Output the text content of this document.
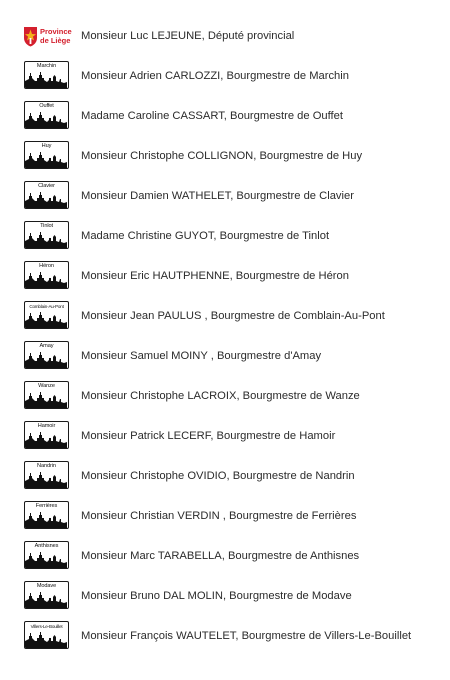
Province
de Liège Monsieur Luc LEJEUNE, Député provincial
Marchin
Monsieur Adrien CARLOZZI, Bourgmestre de Marchin
Ouffet
Madame Caroline CASSART, Bourgmestre de Ouffet
Huy
Monsieur Christophe COLLIGNON, Bourgmestre de Huy
Clavier
Monsieur Damien WATHELET, Bourgmestre de Clavier
Tinlot
Madame Christine GUYOT, Bourgmestre de Tinlot
Héron
Monsieur Eric HAUTPHENNE, Bourgmestre de Héron
Comblain-Au-Pont
Monsieur Jean PAULUS , Bourgmestre de Comblain-Au-Pont
Amay
Monsieur Samuel MOINY , Bourgmestre d'Amay
Wanze
Monsieur Christophe LACROIX, Bourgmestre de Wanze
Hamoir
Monsieur Patrick LECERF, Bourgmestre de Hamoir
Nandrin
Monsieur Christophe OVIDIO, Bourgmestre de Nandrin
Ferrières
Monsieur Christian VERDIN , Bourgmestre de Ferrières
Anthisnes
Monsieur Marc TARABELLA, Bourgmestre de Anthisnes
Modave
Monsieur Bruno DAL MOLIN, Bourgmestre de Modave
Villers-Le-Bouillet
Monsieur François WAUTELET, Bourgmestre de Villers-Le-Bouillet
